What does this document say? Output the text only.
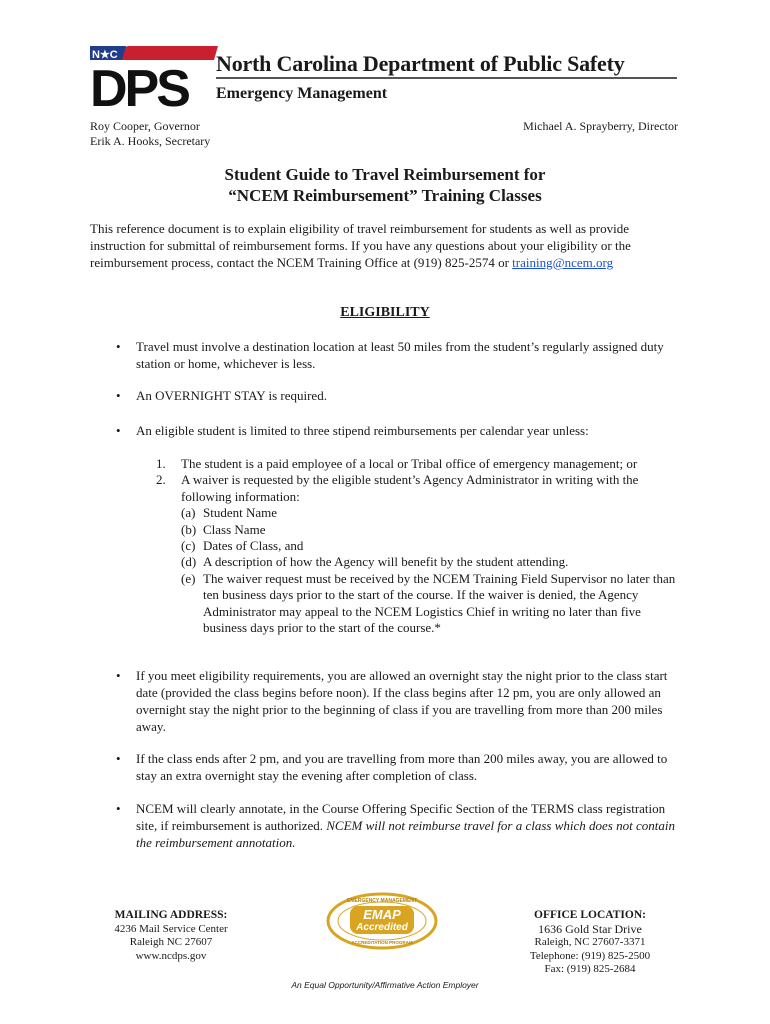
N★C
DPS North Carolina Department of Public Safety
Emergency Management
Roy Cooper, Governor
Erik A. Hooks, Secretary
Michael A. Sprayberry, Director
Student Guide to Travel Reimbursement for
“NCEM Reimbursement” Training Classes
This reference document is to explain eligibility of travel reimbursement for students as well as provide instruction for submittal of reimbursement forms. If you have any questions about your eligibility or the reimbursement process, contact the NCEM Training Office at (919) 825-2574 or training@ncem.org
ELIGIBILITY
•	Travel must involve a destination location at least 50 miles from the student’s regularly assigned duty station or home, whichever is less.
•	An OVERNIGHT STAY is required.
•	An eligible student is limited to three stipend reimbursements per calendar year unless:
1. The student is a paid employee of a local or Tribal office of emergency management; or
2. A waiver is requested by the eligible student’s Agency Administrator in writing with the following information:
(a) Student Name
(b) Class Name
(c) Dates of Class, and
(d) A description of how the Agency will benefit by the student attending.
(e) The waiver request must be received by the NCEM Training Field Supervisor no later than ten business days prior to the start of the course. If the waiver is denied, the Agency Administrator may appeal to the NCEM Logistics Chief in writing no later than five business days prior to the start of the course.*
•	If you meet eligibility requirements, you are allowed an overnight stay the night prior to the class start date (provided the class begins before noon). If the class begins after 12 pm, you are only allowed an overnight stay the night prior to the beginning of class if you are travelling from more than 200 miles away.
•	If the class ends after 2 pm, and you are travelling from more than 200 miles away, you are allowed to stay an extra overnight stay the evening after completion of class.
•	NCEM will clearly annotate, in the Course Offering Specific Section of the TERMS class registration site, if reimbursement is authorized. NCEM will not reimburse travel for a class which does not contain the reimbursement annotation.
MAILING ADDRESS:
4236 Mail Service Center
Raleigh NC 27607
www.ncdps.gov
EMERGENCY MANAGEMENT
EMAP
Accredited
ACCREDITATION PROGRAM
OFFICE LOCATION:
1636 Gold Star Drive
Raleigh, NC 27607-3371
Telephone: (919) 825-2500
Fax: (919) 825-2684
An Equal Opportunity/Affirmative Action Employer
